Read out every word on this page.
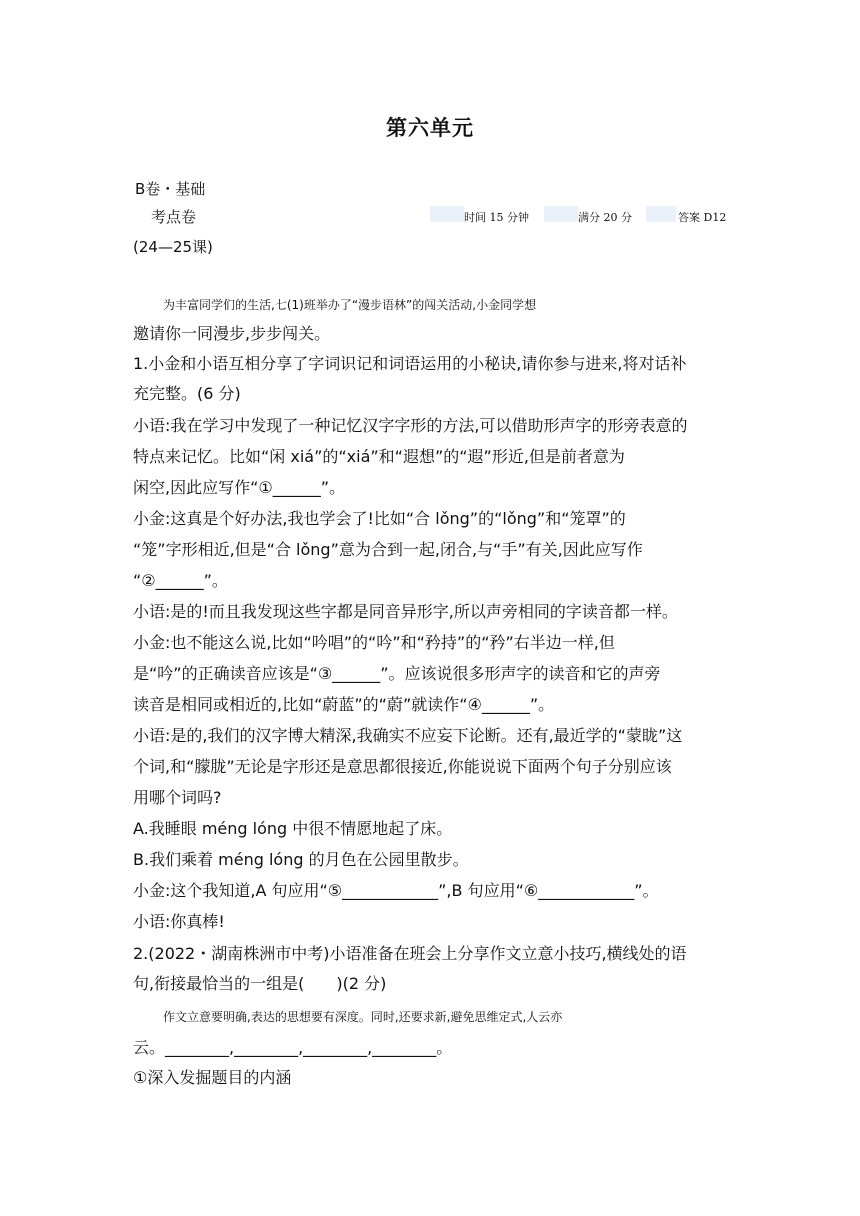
第六单元
B卷・基础
考点卷
(24—25课)
时间 15 分钟	满分 20 分	答案 D12
为丰富同学们的生活,七(1)班举办了“漫步语林”的闯关活动,小金同学想
邀请你一同漫步,步步闯关。
1.小金和小语互相分享了字词识记和词语运用的小秘诀,请你参与进来,将对话补
充完整。(6 分)
小语:我在学习中发现了一种记忆汉字字形的方法,可以借助形声字的形旁表意的
特点来记忆。比如“闲 xiá”的“xiá”和“遐想”的“遐”形近,但是前者意为
闲空,因此应写作“①______”。
小金:这真是个好办法,我也学会了!比如“合 lǒng”的“lǒng”和“笼罩”的
“笼”字形相近,但是“合 lǒng”意为合到一起,闭合,与“手”有关,因此应写作
“②______”。
小语:是的!而且我发现这些字都是同音异形字,所以声旁相同的字读音都一样。
小金:也不能这么说,比如“吟唱”的“吟”和“矜持”的“矜”右半边一样,但
是“吟”的正确读音应该是“③______”。应该说很多形声字的读音和它的声旁
读音是相同或相近的,比如“蔚蓝”的“蔚”就读作“④______”。
小语:是的,我们的汉字博大精深,我确实不应妄下论断。还有,最近学的“蒙眬”这
个词,和“朦胧”无论是字形还是意思都很接近,你能说说下面两个句子分别应该
用哪个词吗?
A.我睡眼 méng lóng 中很不情愿地起了床。
B.我们乘着 méng lóng 的月色在公园里散步。
小金:这个我知道,A 句应用“⑤____________”,B 句应用“⑥____________”。
小语:你真棒!
2.(2022・湖南株洲市中考)小语准备在班会上分享作文立意小技巧,横线处的语
句,衔接最恰当的一组是(　　)(2 分)
作文立意要明确,表达的思想要有深度。同时,还要求新,避免思维定式,人云亦
云。________,________,________,________。
①深入发掘题目的内涵
